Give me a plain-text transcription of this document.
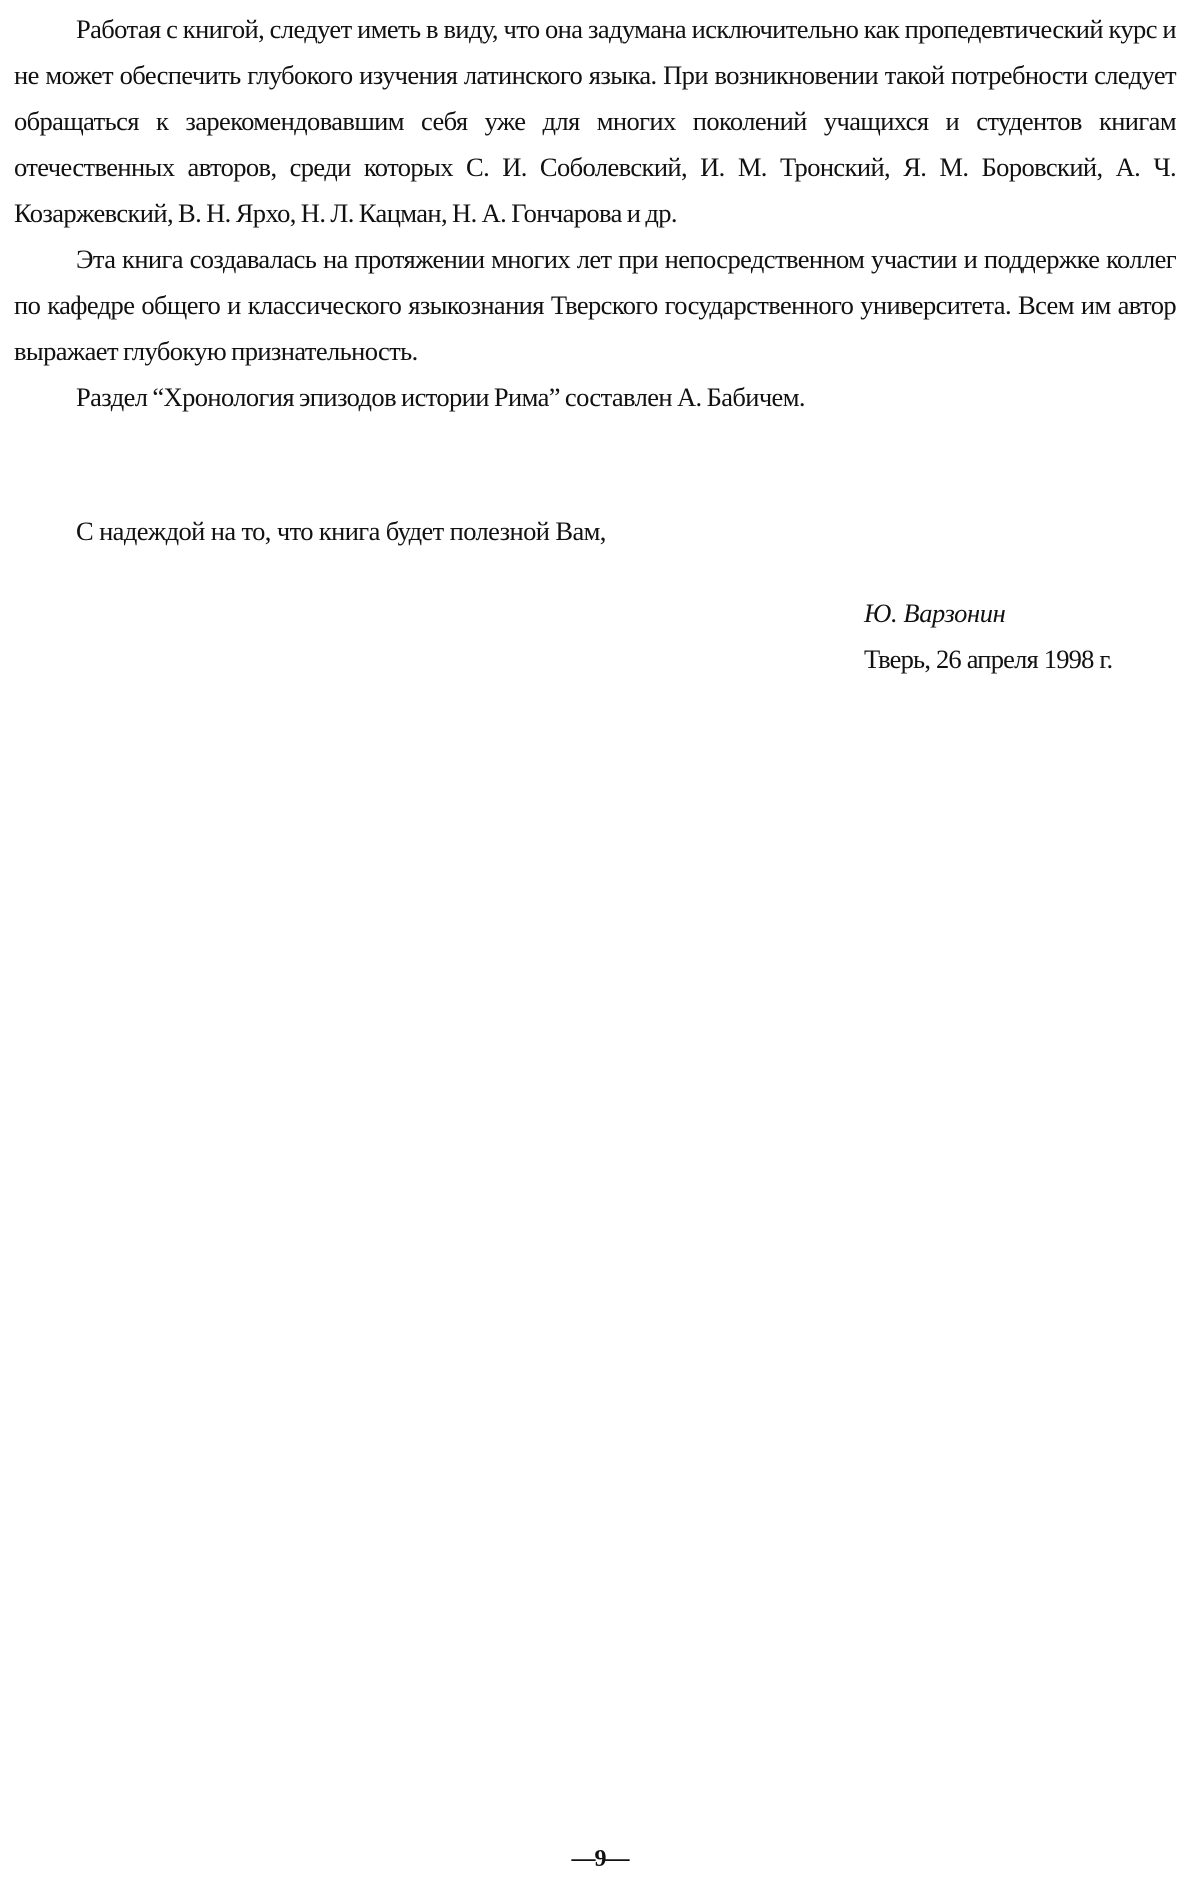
Работая с книгой, следует иметь в виду, что она задумана исключительно как пропедевтический курс и не может обеспечить глубокого изучения латинского языка. При возникновении такой потребности следует обращаться к зарекомендовавшим себя уже для многих поколений учащихся и студентов книгам отечественных авторов, среди которых С. И. Соболевский, И. М. Тронский, Я. М. Боровский, А. Ч. Козаржевский, В. Н. Ярхо, Н. Л. Кацман, Н. А. Гончарова и др.

Эта книга создавалась на протяжении многих лет при непосредственном участии и поддержке коллег по кафедре общего и классического языкознания Тверского государственного университета. Всем им автор выражает глубокую признательность.

Раздел “Хронология эпизодов истории Рима” составлен А. Бабичем.

С надеждой на то, что книга будет полезной Вам,

Ю. Варзонин

Тверь, 26 апреля 1998 г.

—9—
